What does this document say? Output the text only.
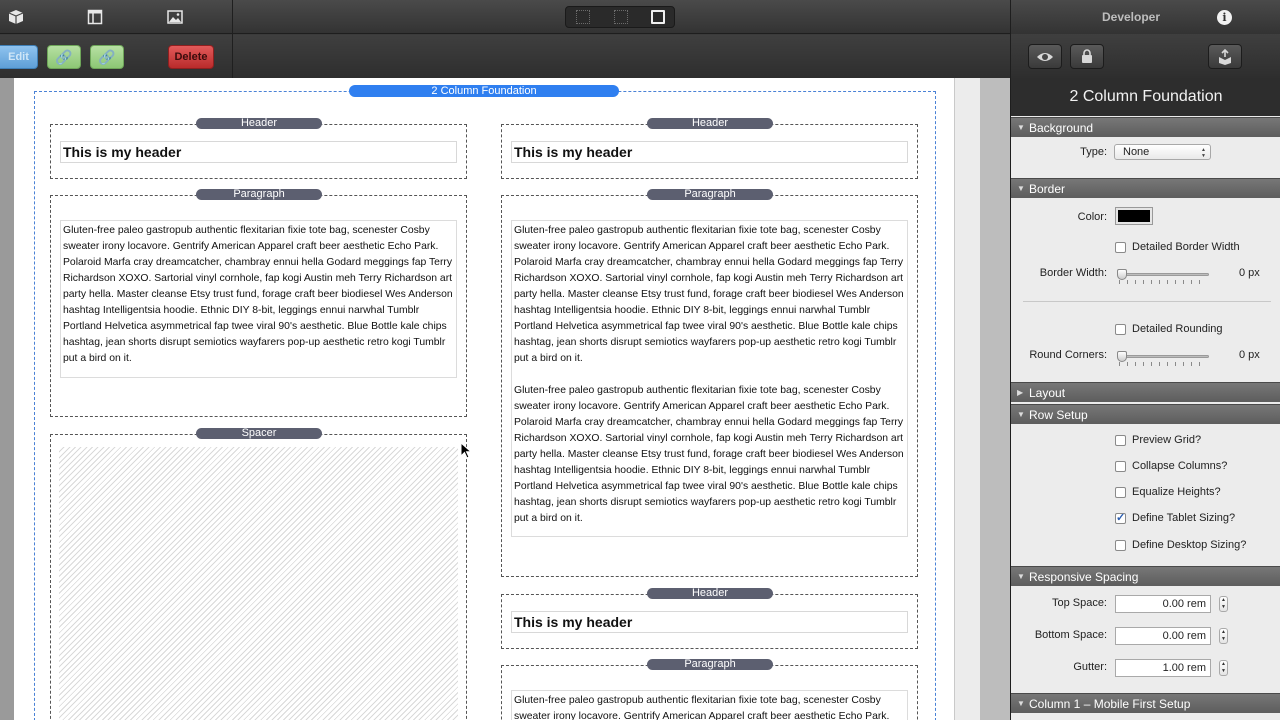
Edit	🔗 🔗	Delete
2 Column Foundation
Header
This is my header
Paragraph

Gluten-free paleo gastropub authentic flexitarian fixie tote bag, scenester Cosby sweater irony locavore. Gentrify American Apparel craft beer aesthetic Echo Park. Polaroid Marfa cray dreamcatcher, chambray ennui hella Godard meggings fap Terry Richardson XOXO. Sartorial vinyl cornhole, fap kogi Austin meh Terry Richardson art party hella. Master cleanse Etsy trust fund, forage craft beer biodiesel Wes Anderson hashtag Intelligentsia hoodie. Ethnic DIY 8-bit, leggings ennui narwhal Tumblr Portland Helvetica asymmetrical fap twee viral 90's aesthetic. Blue Bottle kale chips hashtag, jean shorts disrupt semiotics wayfarers pop-up aesthetic retro kogi Tumblr put a bird on it.

Spacer
Header
This is my header
Paragraph

Gluten-free paleo gastropub authentic flexitarian fixie tote bag, scenester Cosby sweater irony locavore. Gentrify American Apparel craft beer aesthetic Echo Park. Polaroid Marfa cray dreamcatcher, chambray ennui hella Godard meggings fap Terry Richardson XOXO. Sartorial vinyl cornhole, fap kogi Austin meh Terry Richardson art party hella. Master cleanse Etsy trust fund, forage craft beer biodiesel Wes Anderson hashtag Intelligentsia hoodie. Ethnic DIY 8-bit, leggings ennui narwhal Tumblr Portland Helvetica asymmetrical fap twee viral 90's aesthetic. Blue Bottle kale chips hashtag, jean shorts disrupt semiotics wayfarers pop-up aesthetic retro kogi Tumblr put a bird on it.

Gluten-free paleo gastropub authentic flexitarian fixie tote bag, scenester Cosby sweater irony locavore. Gentrify American Apparel craft beer aesthetic Echo Park. Polaroid Marfa cray dreamcatcher, chambray ennui hella Godard meggings fap Terry Richardson XOXO. Sartorial vinyl cornhole, fap kogi Austin meh Terry Richardson art party hella. Master cleanse Etsy trust fund, forage craft beer biodiesel Wes Anderson hashtag Intelligentsia hoodie. Ethnic DIY 8-bit, leggings ennui narwhal Tumblr Portland Helvetica asymmetrical fap twee viral 90's aesthetic. Blue Bottle kale chips hashtag, jean shorts disrupt semiotics wayfarers pop-up aesthetic retro kogi Tumblr put a bird on it.

Header
This is my header
Paragraph

Gluten-free paleo gastropub authentic flexitarian fixie tote bag, scenester Cosby sweater irony locavore. Gentrify American Apparel craft beer aesthetic Echo Park.

Developer	i
2 Column Foundation
▼ Background
Type:	None	▲
▼
▼ Border
Color:
Detailed Border Width
Border Width:	0 px
Detailed Rounding
Round Corners:	0 px
▶ Layout
▼ Row Setup
Preview Grid?
Collapse Columns?
Equalize Heights?
✓
Define Tablet Sizing?
Define Desktop Sizing?
▼ Responsive Spacing
Top Space:	0.00 rem	▲
▼
Bottom Space:	0.00 rem	▲
▼
Gutter:	1.00 rem	▲
▼
▼ Column 1 – Mobile First Setup
